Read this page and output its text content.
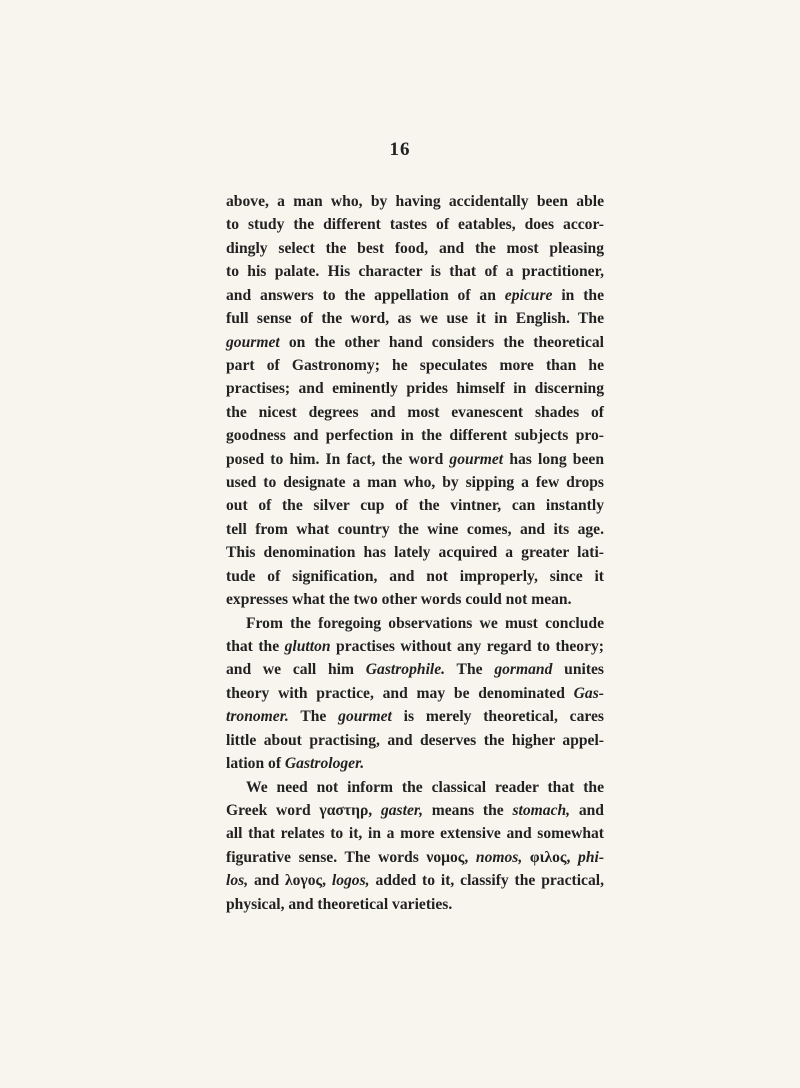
16
above, a man who, by having accidentally been able
to study the different tastes of eatables, does accor-
dingly select the best food, and the most pleasing
to his palate. His character is that of a practitioner,
and answers to the appellation of an epicure in the
full sense of the word, as we use it in English. The
gourmet on the other hand considers the theoretical
part of Gastronomy; he speculates more than he
practises; and eminently prides himself in discerning
the nicest degrees and most evanescent shades of
goodness and perfection in the different subjects pro-
posed to him. In fact, the word gourmet has long been
used to designate a man who, by sipping a few drops
out of the silver cup of the vintner, can instantly
tell from what country the wine comes, and its age.
This denomination has lately acquired a greater lati-
tude of signification, and not improperly, since it
expresses what the two other words could not mean.
From the foregoing observations we must conclude
that the glutton practises without any regard to theory;
and we call him Gastrophile. The gormand unites
theory with practice, and may be denominated Gas-
tronomer. The gourmet is merely theoretical, cares
little about practising, and deserves the higher appel-
lation of Gastrologer.
We need not inform the classical reader that the
Greek word γαστηρ, gaster, means the stomach, and
all that relates to it, in a more extensive and somewhat
figurative sense. The words νομος, nomos, φιλος, phi-
los, and λογος, logos, added to it, classify the practical,
physical, and theoretical varieties.
